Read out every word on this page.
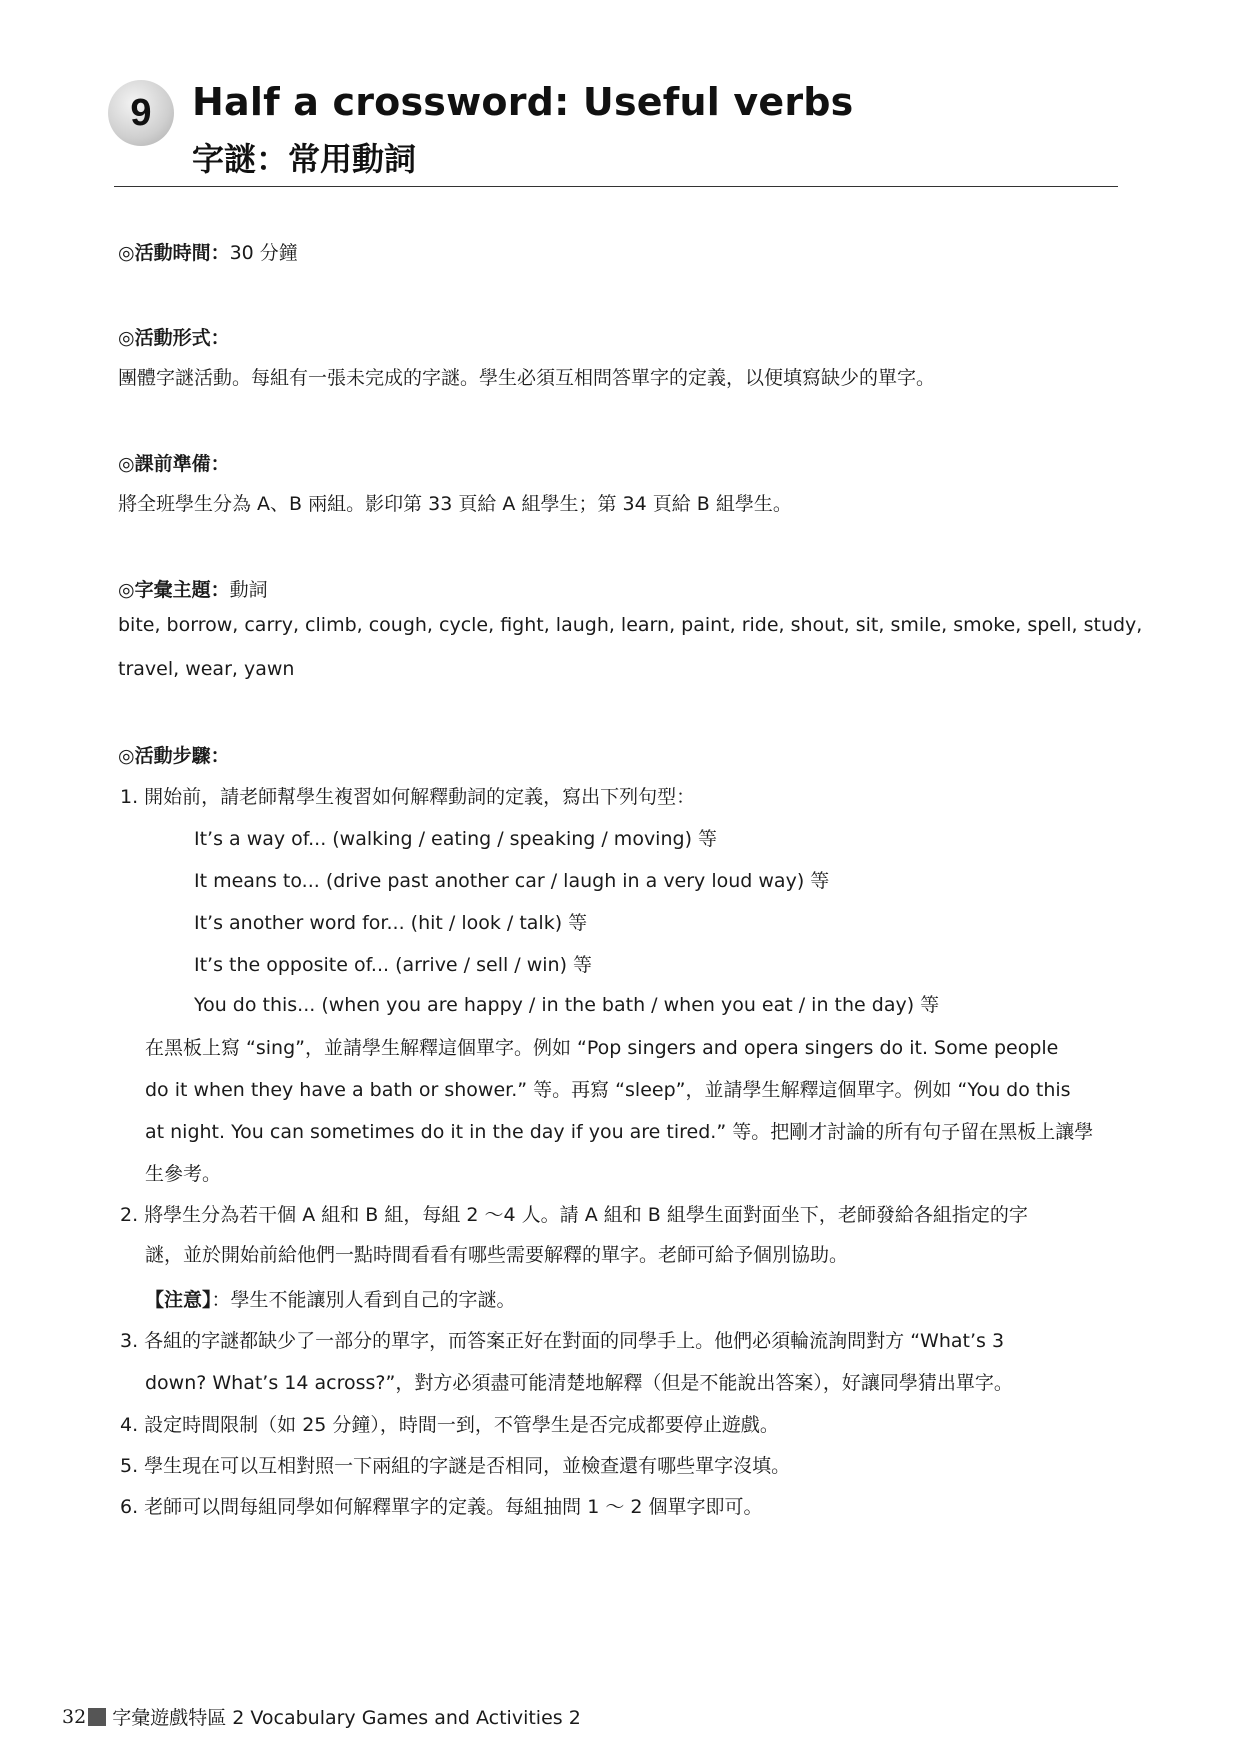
9 Half a crossword: Useful verbs
字謎：常用動詞
◎活動時間：30 分鐘
◎活動形式：
團體字謎活動。每組有一張未完成的字謎。學生必須互相問答單字的定義，以便填寫缺少的單字。
◎課前準備：
將全班學生分為 A、B 兩組。影印第 33 頁給 A 組學生；第 34 頁給 B 組學生。
◎字彙主題：動詞
bite, borrow, carry, climb, cough, cycle, fight, laugh, learn, paint, ride, shout, sit, smile, smoke, spell, study,
travel, wear, yawn
◎活動步驟：
1. 開始前，請老師幫學生複習如何解釋動詞的定義，寫出下列句型：
It’s a way of... (walking / eating / speaking / moving) 等
It means to... (drive past another car / laugh in a very loud way) 等
It’s another word for... (hit / look / talk) 等
It’s the opposite of... (arrive / sell / win) 等
You do this... (when you are happy / in the bath / when you eat / in the day) 等
在黑板上寫 “sing”，並請學生解釋這個單字。例如 “Pop singers and opera singers do it. Some people
do it when they have a bath or shower.” 等。再寫 “sleep”，並請學生解釋這個單字。例如 “You do this
at night. You can sometimes do it in the day if you are tired.” 等。把剛才討論的所有句子留在黑板上讓學
生參考。
2. 將學生分為若干個 A 組和 B 組，每組 2 ～4 人。請 A 組和 B 組學生面對面坐下，老師發給各組指定的字
謎，並於開始前給他們一點時間看看有哪些需要解釋的單字。老師可給予個別協助。
【注意】：學生不能讓別人看到自己的字謎。
3. 各組的字謎都缺少了一部分的單字，而答案正好在對面的同學手上。他們必須輪流詢問對方 “What’s 3
down? What’s 14 across?”，對方必須盡可能清楚地解釋（但是不能說出答案），好讓同學猜出單字。
4. 設定時間限制（如 25 分鐘），時間一到，不管學生是否完成都要停止遊戲。
5. 學生現在可以互相對照一下兩組的字謎是否相同，並檢查還有哪些單字沒填。
6. 老師可以問每組同學如何解釋單字的定義。每組抽問 1 ～ 2 個單字即可。
32 字彙遊戲特區 2 Vocabulary Games and Activities 2
